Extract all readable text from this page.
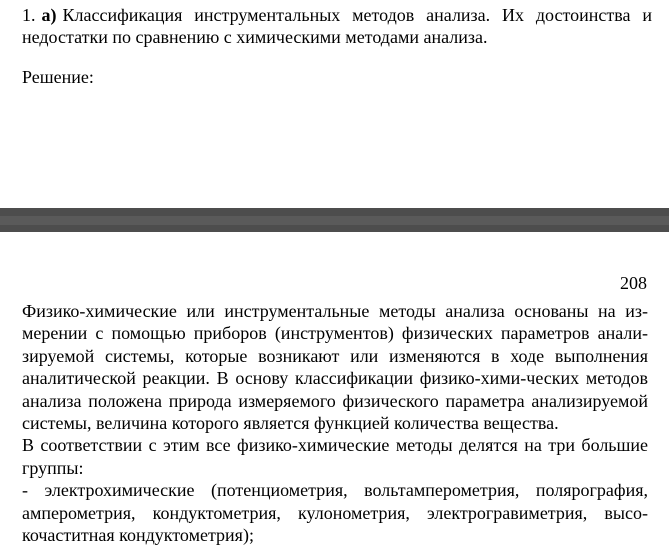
1. а) Классификация инструментальных методов анализа. Их достоинства и недостатки по сравнению с химическими методами анализа.
Решение:
208

Физико-химические или инструментальные методы анализа основаны на измерении с помощью приборов (инструментов) физических параметров анализируемой системы, которые возникают или изменяются в ходе выполнения аналитической реакции. В основу классификации физико-хими-ческих методов анализа положена природа измеряемого физического параметра анализируемой системы, величина которого является функцией количества вещества.

В соответствии с этим все физико-химические методы делятся на три большие группы:

- электрохимические (потенциометрия, вольтамперометрия, полярография, амперометрия, кондуктометрия, кулонометрия, электрогравиметрия, высокочаститная кондуктометрия);
